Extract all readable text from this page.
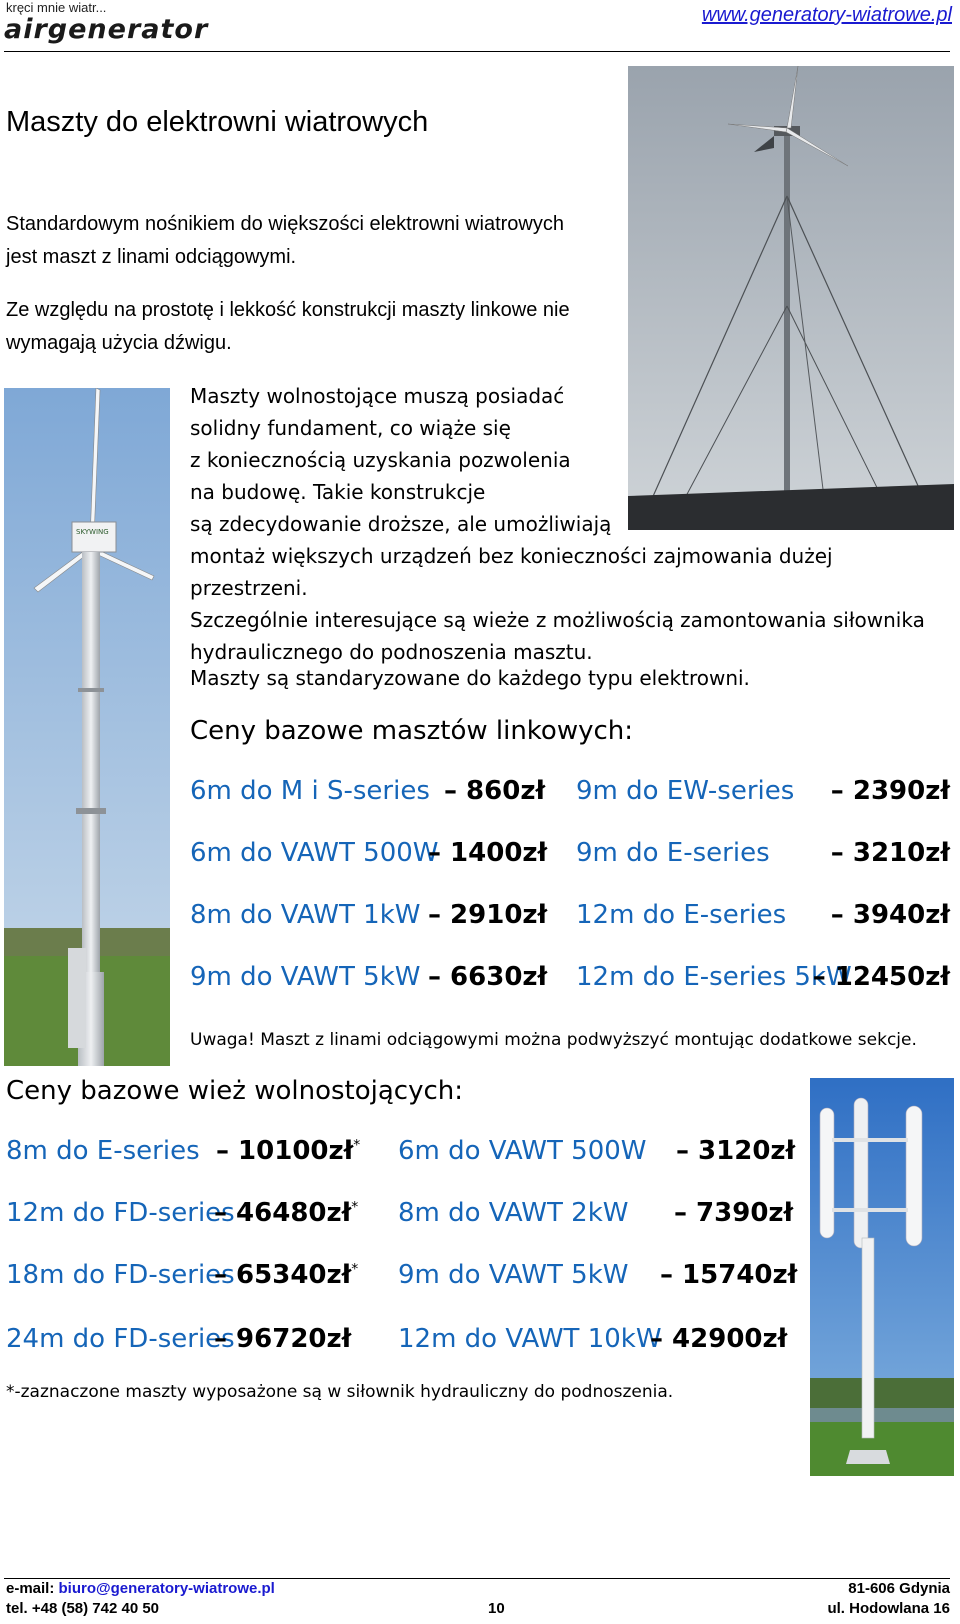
kręci mnie wiatr...
airgenerator	www.generatory-wiatrowe.pl
Maszty do elektrowni wiatrowych
Standardowym nośnikiem do większości elektrowni wiatrowych
jest maszt z linami odciągowymi.
Ze względu na prostotę i lekkość konstrukcji maszty linkowe nie
wymagają użycia dźwigu.
Maszty wolnostojące muszą posiadać
solidny fundament, co wiąże się
z koniecznością uzyskania pozwolenia
na budowę. Takie konstrukcje
są zdecydowanie droższe, ale umożliwiają
montaż większych urządzeń bez konieczności zajmowania dużej przestrzeni.
Szczególnie interesujące są wieże z możliwością zamontowania siłownika
hydraulicznego do podnoszenia masztu.
Maszty są standaryzowane do każdego typu elektrowni.
SKYWING
Ceny bazowe masztów linkowych:
6m do M i S-series – 860zł
6m do VAWT 500W
– 1400zł
8m do VAWT 1kW – 2910zł
9m do VAWT 5kW – 6630zł
9m do EW-series – 2390zł
9m do E-series – 3210zł
12m do E-series – 3940zł
12m do E-series 5kW
– 12450zł
Uwaga! Maszt z linami odciągowymi można podwyższyć montując dodatkowe sekcje.
Ceny bazowe wież wolnostojących:
8m do E-series – 10100zł*
12m do FD-series
– 46480zł*
18m do FD-series
– 65340zł*
24m do FD-series
– 96720zł
6m do VAWT 500W – 3120zł
8m do VAWT 2kW – 7390zł
9m do VAWT 5kW – 15740zł
12m do VAWT 10kW
– 42900zł
*-zaznaczone maszty wyposażone są w siłownik hydrauliczny do podnoszenia.
e-mail: biuro@generatory-wiatrowe.pl
tel. +48 (58) 742 40 50	10
81-606 Gdynia
ul. Hodowlana 16
